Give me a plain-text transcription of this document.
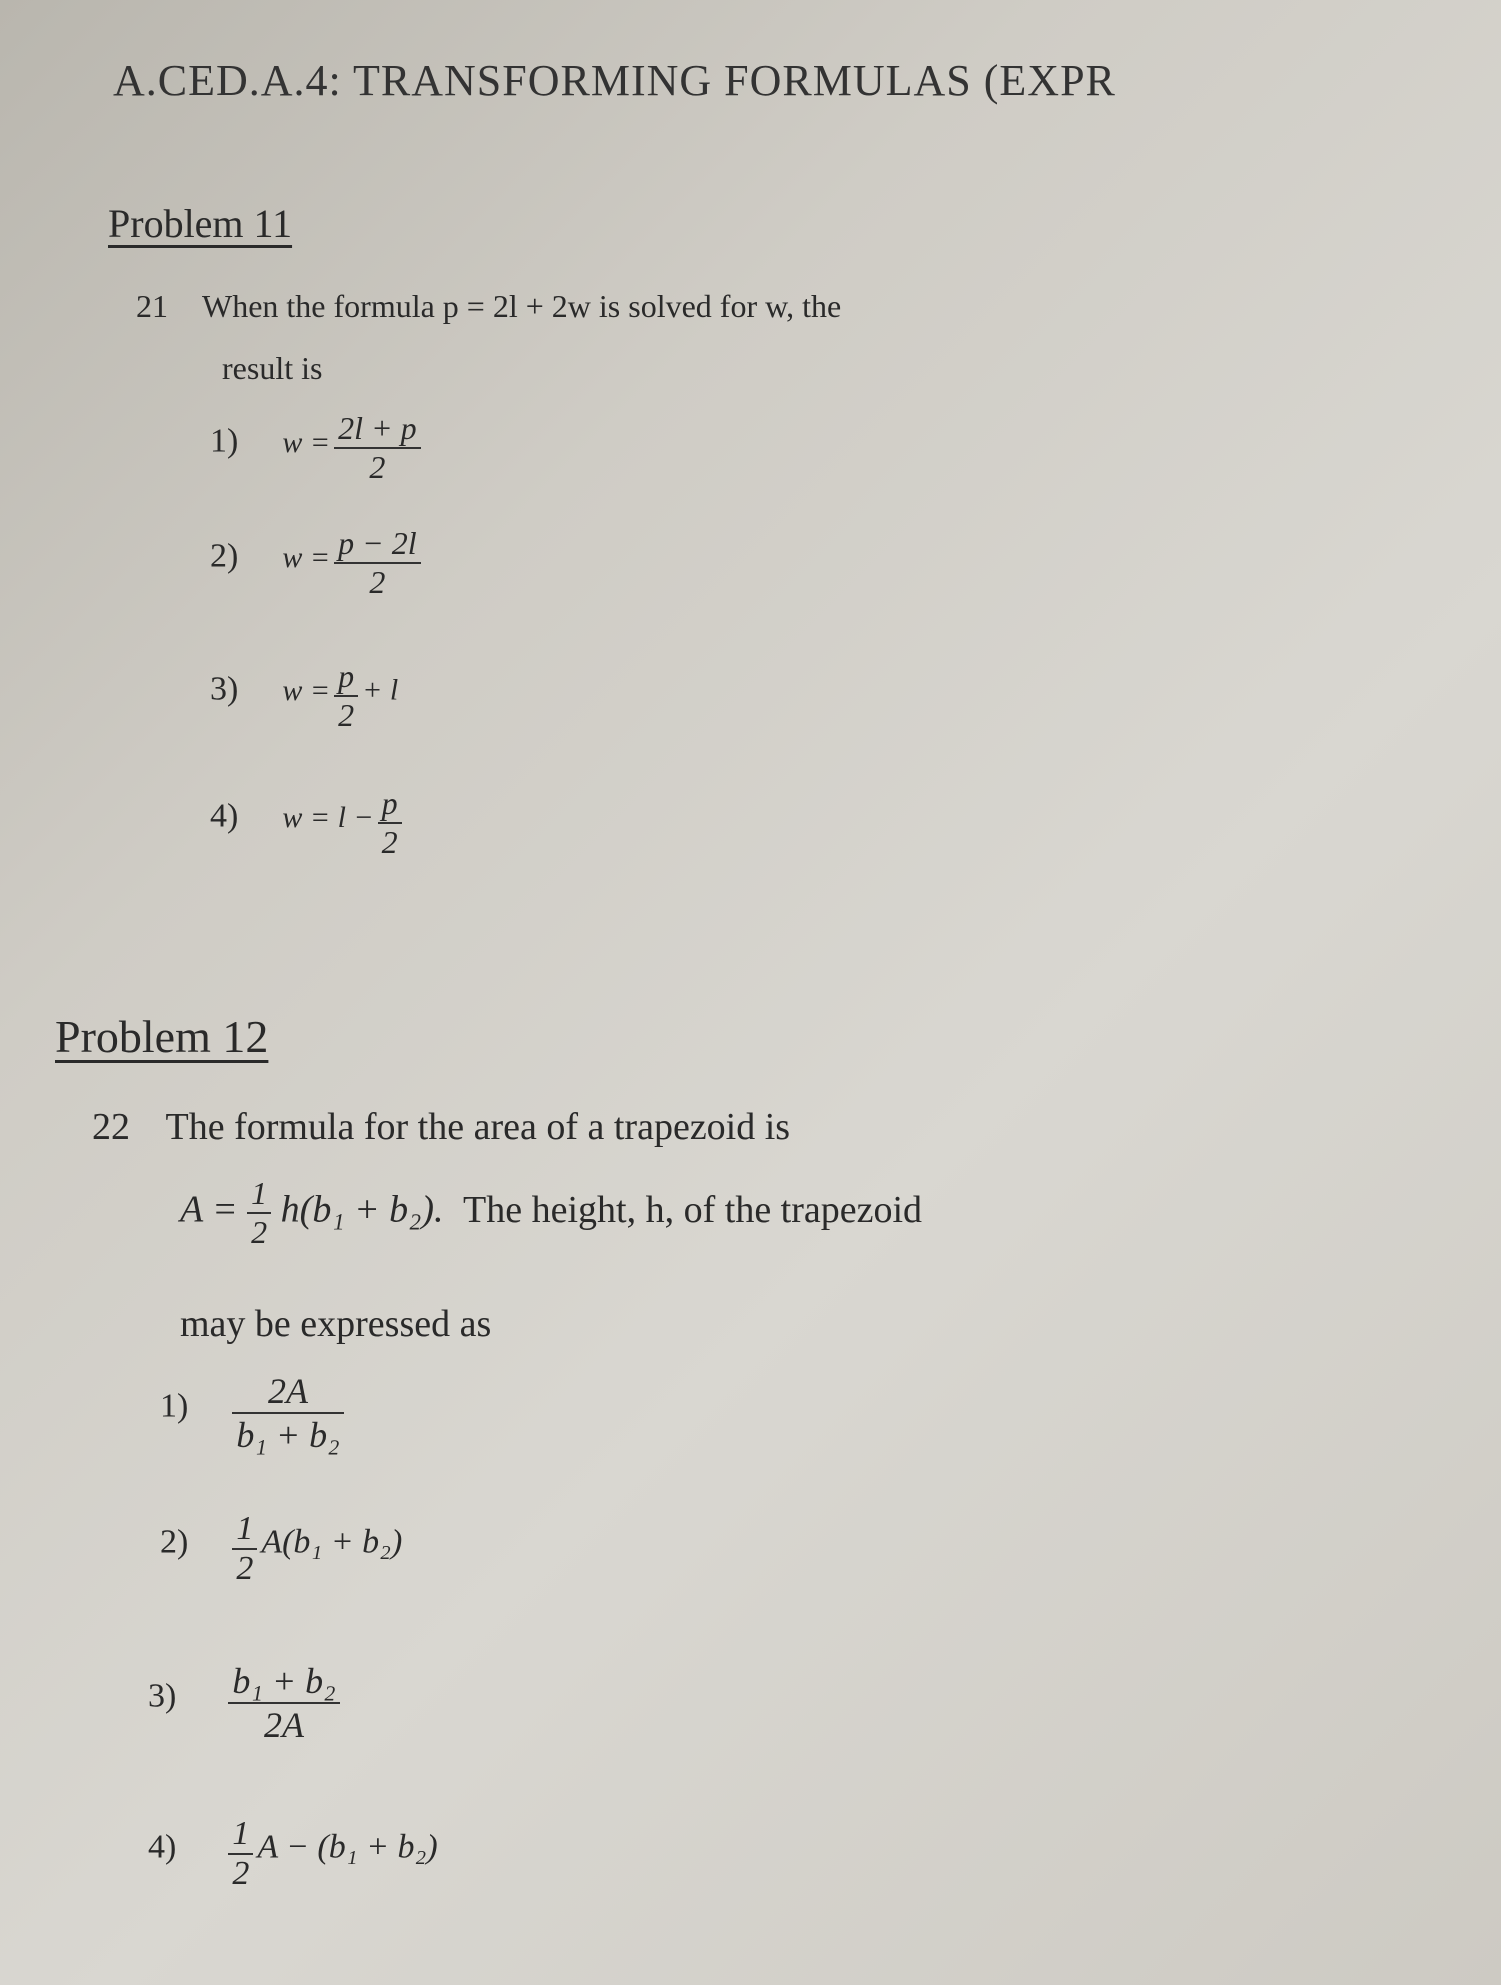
A.CED.A.4: TRANSFORMING FORMULAS (EXPR
Problem 11
21 When the formula p = 2l + 2w is solved for w, the
result is
1) $w = \frac{2l + p}{2}$
2) $w = \frac{p - 2l}{2}$
3) $w = \frac{p}{2} + l$
4) $w = l - \frac{p}{2}$
Problem 12
22 The formula for the area of a trapezoid is
$A = \frac{1}{2} h(b_1 + b_2)$. The height, h, of the trapezoid
may be expressed as
$1) \frac{2A}{\text{b₁ + b₂}}$
$2) \frac{1}{2} A(b_1 + b_2)$
$3) \frac{\text{b₁ + b₂}}{2A}$
$4) \frac{1}{2}$ A − (b₁ + b₂)
